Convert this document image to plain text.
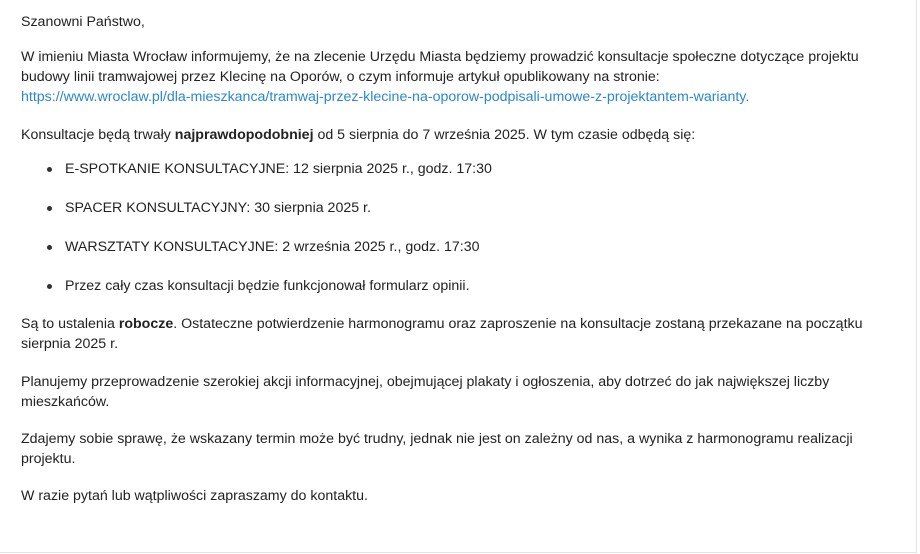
Szanowni Państwo,

W imieniu Miasta Wrocław informujemy, że na zlecenie Urzędu Miasta będziemy prowadzić konsultacje społeczne dotyczące projektu budowy linii tramwajowej przez Klecinę na Oporów, o czym informuje artykuł opublikowany na stronie:
https://www.wroclaw.pl/dla-mieszkanca/tramwaj-przez-klecine-na-oporow-podpisali-umowe-z-projektantem-warianty.

Konsultacje będą trwały najprawdopodobniej od 5 sierpnia do 7 września 2025. W tym czasie odbędą się:

E-SPOTKANIE KONSULTACYJNE: 12 sierpnia 2025 r., godz. 17:30
SPACER KONSULTACYJNY: 30 sierpnia 2025 r.
WARSZTATY KONSULTACYJNE: 2 września 2025 r., godz. 17:30
Przez cały czas konsultacji będzie funkcjonował formularz opinii.

Są to ustalenia robocze. Ostateczne potwierdzenie harmonogramu oraz zaproszenie na konsultacje zostaną przekazane na początku sierpnia 2025 r.

Planujemy przeprowadzenie szerokiej akcji informacyjnej, obejmującej plakaty i ogłoszenia, aby dotrzeć do jak największej liczby mieszkańców.

Zdajemy sobie sprawę, że wskazany termin może być trudny, jednak nie jest on zależny od nas, a wynika z harmonogramu realizacji projektu.

W razie pytań lub wątpliwości zapraszamy do kontaktu.
